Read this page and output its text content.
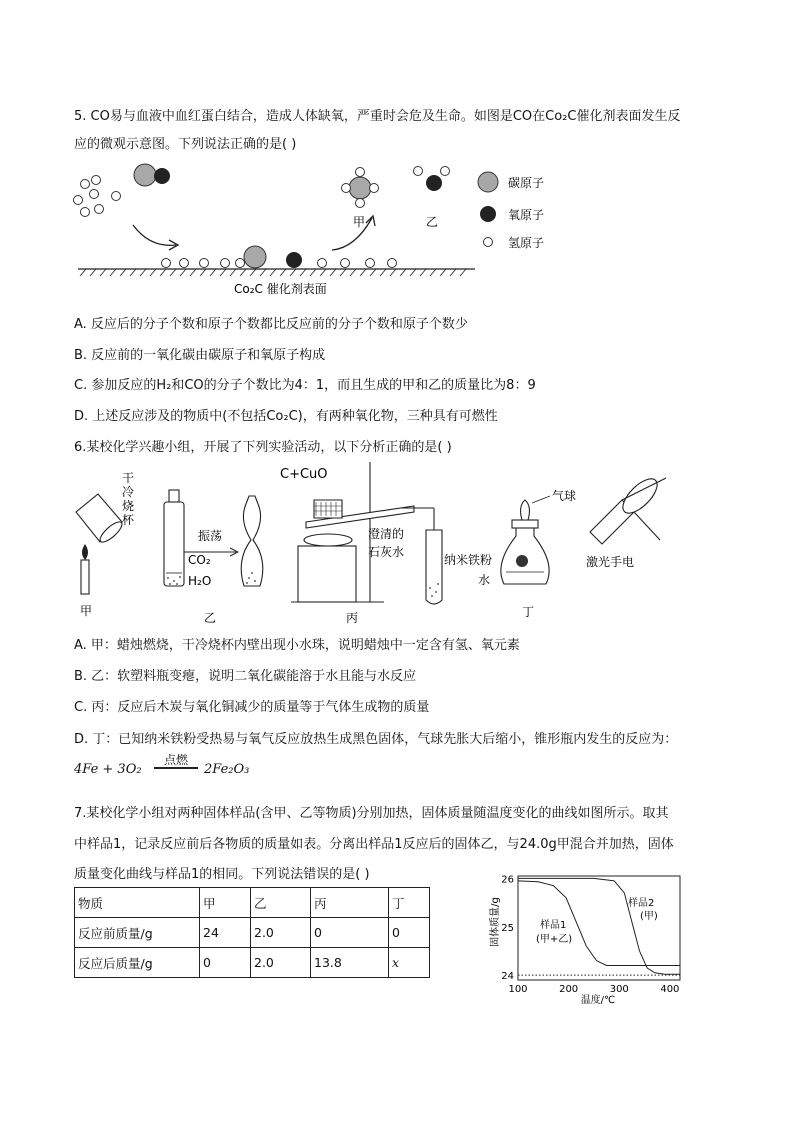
5. CO易与血液中血红蛋白结合，造成人体缺氧，严重时会危及生命。如图是CO在Co₂C催化剂表面发生反
应的微观示意图。下列说法正确的是( )
甲	乙
碳原子
氧原子
氢原子
Co₂C 催化剂表面
A. 反应后的分子个数和原子个数都比反应前的分子个数和原子个数少
B. 反应前的一氧化碳由碳原子和氧原子构成
C. 参加反应的H₂和CO的分子个数比为4：1，而且生成的甲和乙的质量比为8：9
D. 上述反应涉及的物质中(不包括Co₂C)，有两种氧化物，三种具有可燃性
6.某校化学兴趣小组，开展了下列实验活动，以下分析正确的是( )
干
冷
烧
杯
甲
振荡
CO₂
H₂O
乙
C+CuO
澄清的
石灰水
丙
气球
纳米铁粉
水
丁
激光手电
A. 甲：蜡烛燃烧，干冷烧杯内壁出现小水珠，说明蜡烛中一定含有氢、氧元素
B. 乙：软塑料瓶变瘪，说明二氧化碳能溶于水且能与水反应
C. 丙：反应后木炭与氧化铜减少的质量等于气体生成物的质量
D. 丁：已知纳米铁粉受热易与氧气反应放热生成黑色固体，气球先胀大后缩小，锥形瓶内发生的反应为：
4Fe + 3O₂
点燃
2Fe₂O₃
7.某校化学小组对两种固体样品(含甲、乙等物质)分别加热，固体质量随温度变化的曲线如图所示。取其
中样品1，记录反应前后各物质的质量如表。分离出样品1反应后的固体乙，与24.0g甲混合并加热，固体
质量变化曲线与样品1的相同。下列说法错误的是( )
物质	甲	乙	丙	丁
反应前质量/g	24	2.0	0	0
反应后质量/g	0	2.0	13.8	x
100	200	300	400
24
25
26
固体质量/g
温度/℃
样品1
(甲+乙)
样品2
(甲)
